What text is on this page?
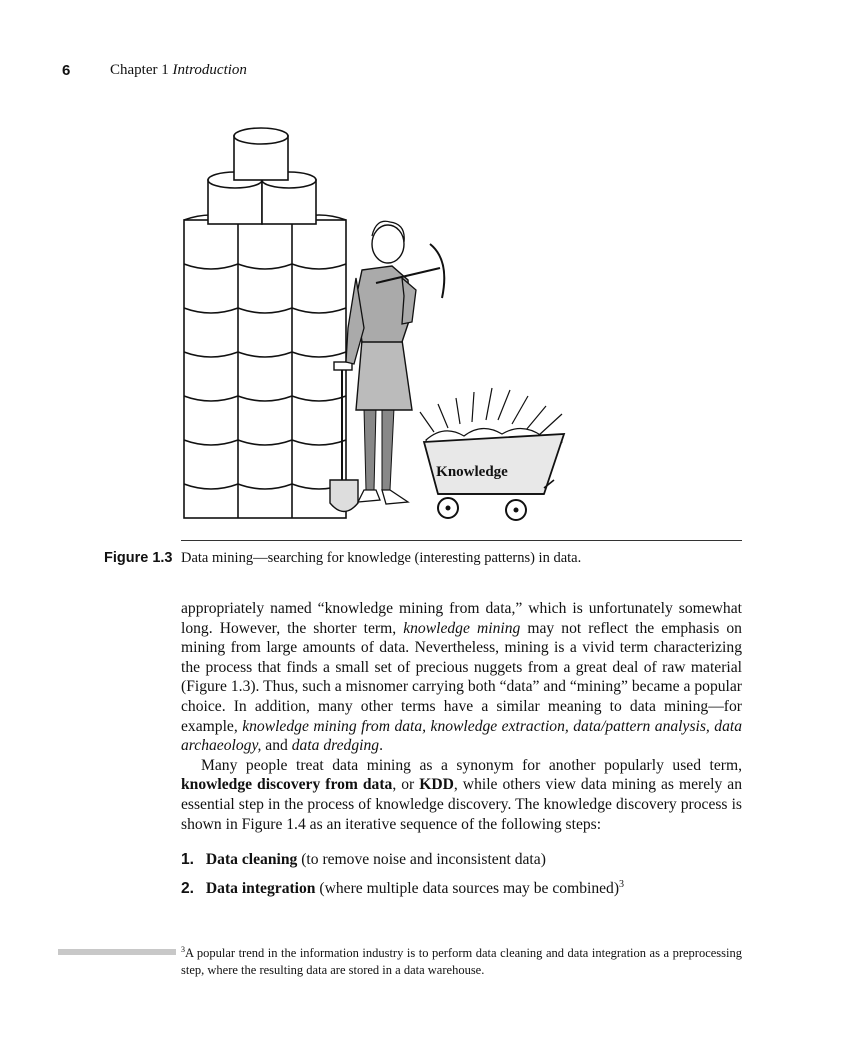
6	Chapter 1 Introduction
Knowledge
Figure 1.3 Data mining—searching for knowledge (interesting patterns) in data.

appropriately named “knowledge mining from data,” which is unfortunately somewhat long. However, the shorter term, knowledge mining may not reflect the emphasis on mining from large amounts of data. Nevertheless, mining is a vivid term characterizing the process that finds a small set of precious nuggets from a great deal of raw material (Figure 1.3). Thus, such a misnomer carrying both “data” and “mining” became a popular choice. In addition, many other terms have a similar meaning to data mining—for example, knowledge mining from data, knowledge extraction, data/pattern analysis, data archaeology, and data dredging.

Many people treat data mining as a synonym for another popularly used term, knowledge discovery from data, or KDD, while others view data mining as merely an essential step in the process of knowledge discovery. The knowledge discovery process is shown in Figure 1.4 as an iterative sequence of the following steps:

1. Data cleaning (to remove noise and inconsistent data)
2. Data integration (where multiple data sources may be combined)$^3$
$^3$A popular trend in the information industry is to perform data cleaning and data integration as a preprocessing step, where the resulting data are stored in a data warehouse.
